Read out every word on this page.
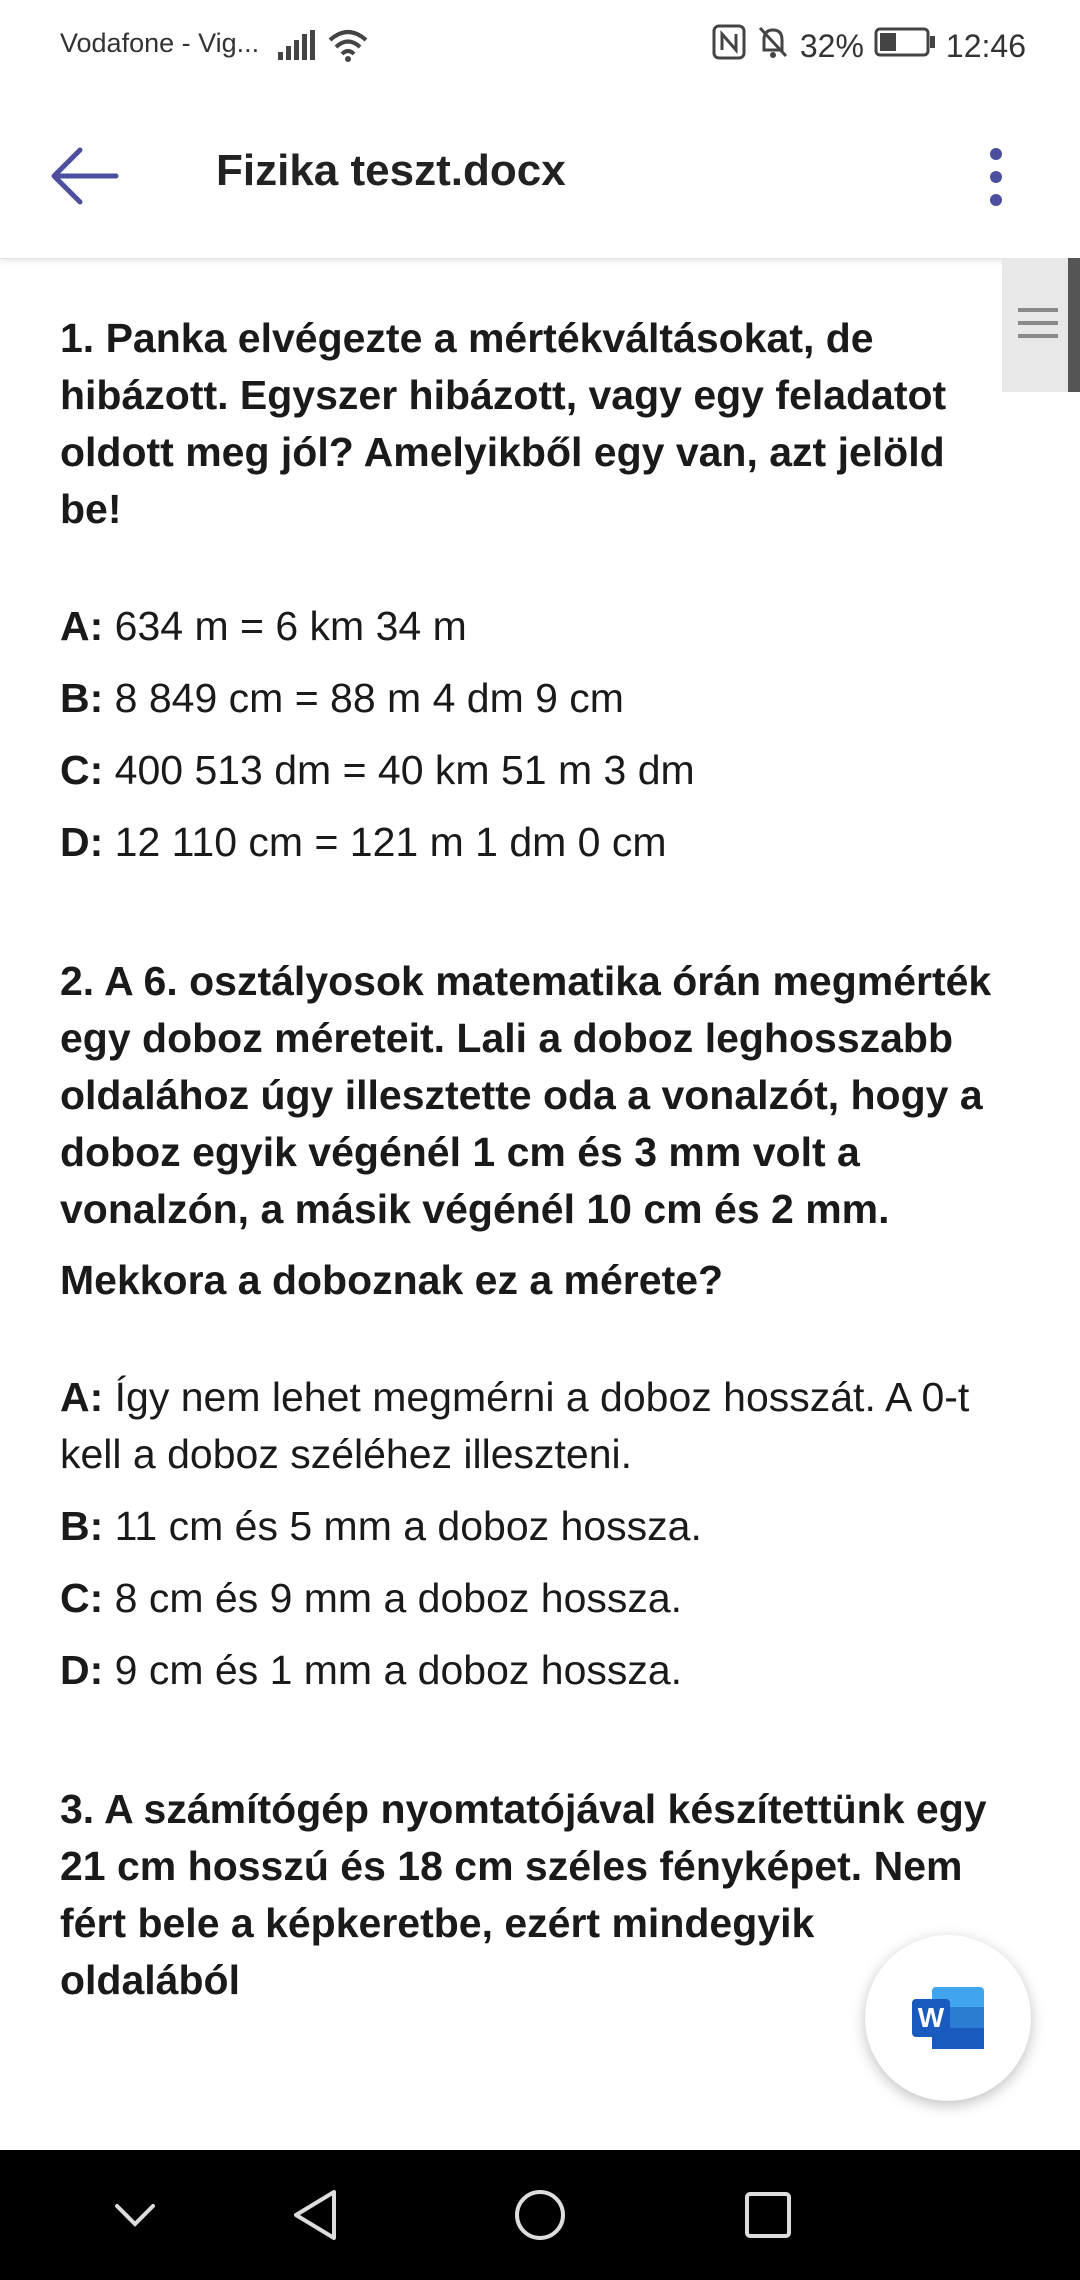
Vodafone - Vig...	32%	12:46
Fizika teszt.docx

1. Panka elvégezte a mértékváltásokat, de hibázott. Egyszer hibázott, vagy egy feladatot oldott meg jól? Amelyikből egy van, azt jelöld be!

A: 634 m = 6 km 34 m
B: 8 849 cm = 88 m 4 dm 9 cm
C: 400 513 dm = 40 km 51 m 3 dm
D: 12 110 cm = 121 m 1 dm 0 cm

2. A 6. osztályosok matematika órán megmérték egy doboz méreteit. Lali a doboz leghosszabb oldalához úgy illesztette oda a vonalzót, hogy a doboz egyik végénél 1 cm és 3 mm volt a vonalzón, a másik végénél 10 cm és 2 mm.

Mekkora a doboznak ez a mérete?

A: Így nem lehet megmérni a doboz hosszát. A 0-t kell a doboz széléhez illeszteni.
B: 11 cm és 5 mm a doboz hossza.
C: 8 cm és 9 mm a doboz hossza.
D: 9 cm és 1 mm a doboz hossza.

3. A számítógép nyomtatójával készítettünk egy 21 cm hosszú és 18 cm széles fényképet. Nem fért bele a képkeretbe, ezért mindegyik oldalából

W
